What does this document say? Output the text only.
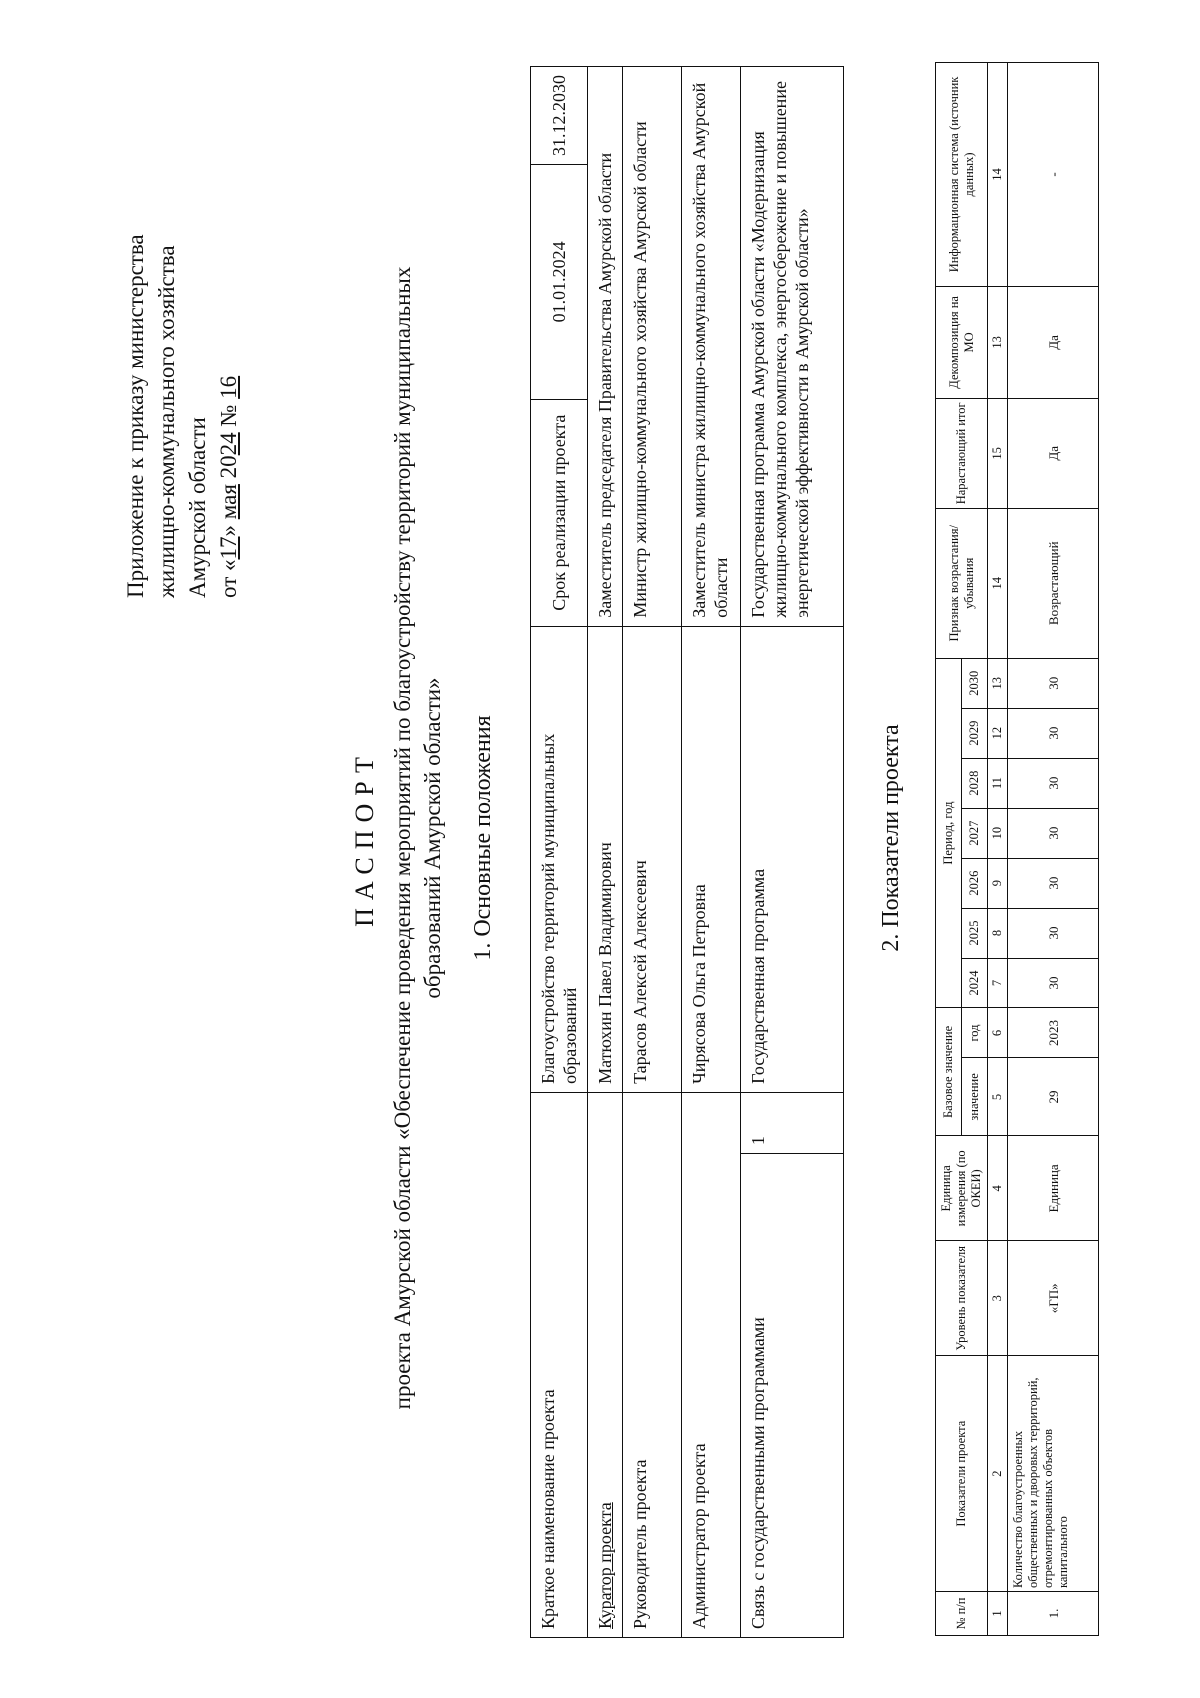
Приложение к приказу министерства жилищно-коммунального хозяйства Амурской области от «17» мая 2024 № 16
ПАСПОРТ проекта Амурской области «Обеспечение проведения мероприятий по благоустройству территорий муниципальных образований Амурской области» 1. Основные положения
Краткое наименование проекта		Благоустройство территорий муниципальных образований	Срок реализации проекта	01.01.2024	31.12.2030
Куратор проекта		Матюхин Павел Владимирович	Заместитель председателя Правительства Амурской области		
Руководитель проекта		Тарасов Алексей Алексеевич	Министр жилищно-коммунального хозяйства Амурской области		
Администратор проекта		Чирясова Ольга Петровна	Заместитель министра жилищно-коммунального хозяйства Амурской области		
Связь с государственными программами	1	Государственная программа	Государственная программа Амурской области «Модернизация жилищно-коммунального комплекса, энергосбережение и повышение энергетической эффективности в Амурской области»		
2. Показатели проекта
№ п/п	Показатели проекта	Уровень показателя	Единица измерения (по ОКЕИ)	Базовое значение		Период, год							Признак возрастания/ убывания	Нарастающий итог	Декомпозиция на МО	Информационная система (источник данных)
				значение	год	2024	2025	2026	2027	2028	2029	2030				
1	2	3	4	5	6	7	8	9	10	11	12	13	14	15	13	14
1.	Количество благоустроенных общественных и дворовых территорий, отремонтированных объектов капитального	«ГП»	Единица	29	2023	30	30	30	30	30	30	30	Возрастающий	Да	Да	-
